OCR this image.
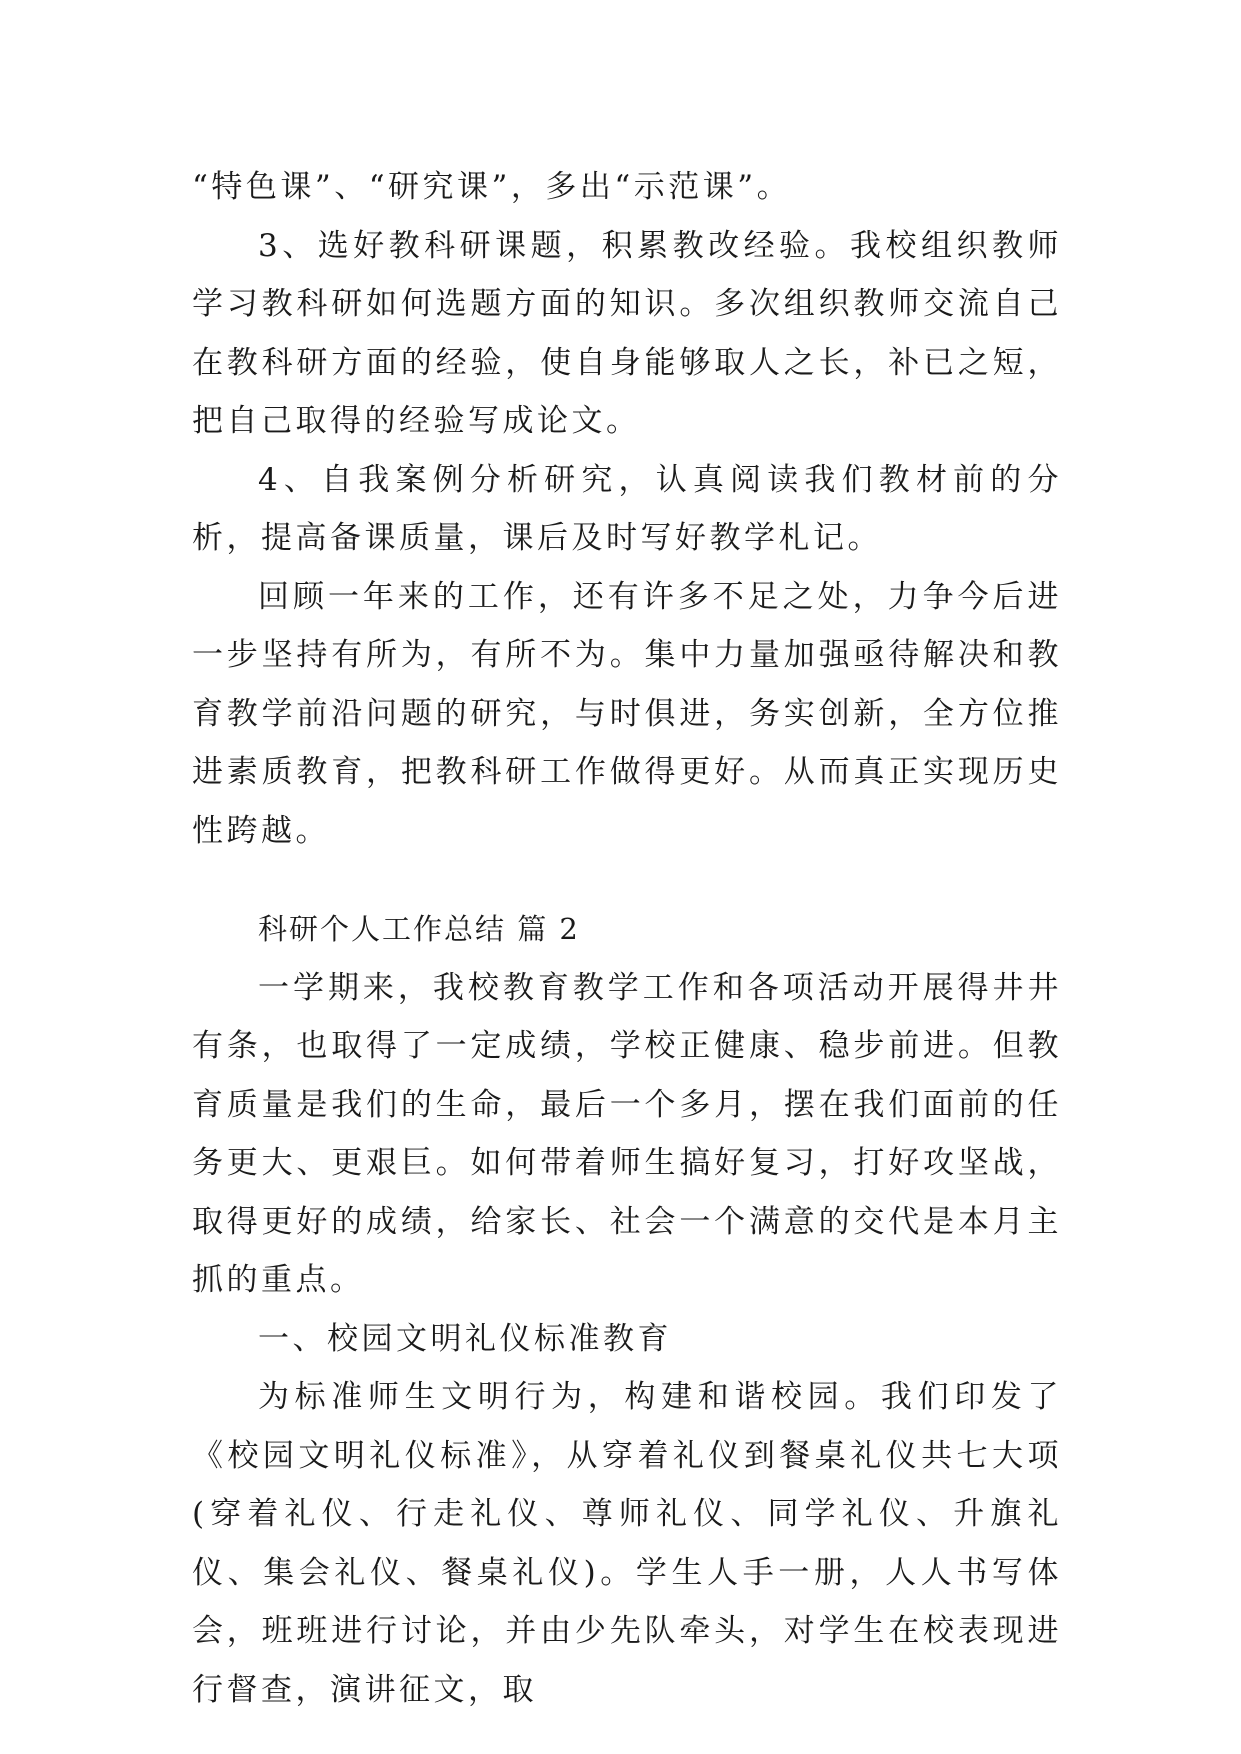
“特色课”、“研究课”，多出“示范课”。

3、选好教科研课题，积累教改经验。我校组织教师学习教科研如何选题方面的知识。多次组织教师交流自己在教科研方面的经验，使自身能够取人之长，补已之短，把自己取得的经验写成论文。

4、自我案例分析研究，认真阅读我们教材前的分析，提高备课质量，课后及时写好教学札记。

回顾一年来的工作，还有许多不足之处，力争今后进一步坚持有所为，有所不为。集中力量加强亟待解决和教育教学前沿问题的研究，与时俱进，务实创新，全方位推进素质教育，把教科研工作做得更好。从而真正实现历史性跨越。

科研个人工作总结 篇 2

一学期来，我校教育教学工作和各项活动开展得井井有条，也取得了一定成绩，学校正健康、稳步前进。但教育质量是我们的生命，最后一个多月，摆在我们面前的任务更大、更艰巨。如何带着师生搞好复习，打好攻坚战，取得更好的成绩，给家长、社会一个满意的交代是本月主抓的重点。

一、校园文明礼仪标准教育

为标准师生文明行为，构建和谐校园。我们印发了《校园文明礼仪标准》，从穿着礼仪到餐桌礼仪共七大项(穿着礼仪、行走礼仪、尊师礼仪、同学礼仪、升旗礼仪、集会礼仪、餐桌礼仪)。学生人手一册，人人书写体会，班班进行讨论，并由少先队牵头，对学生在校表现进行督查，演讲征文，取
